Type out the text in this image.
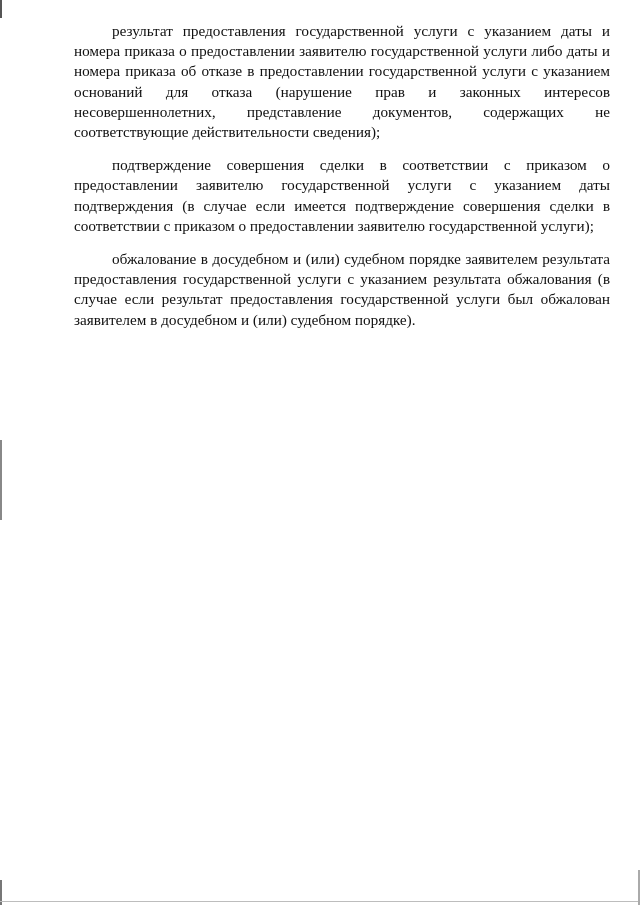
результат предоставления государственной услуги с указанием даты и номера приказа о предоставлении заявителю государственной услуги либо даты и номера приказа об отказе в предоставлении государственной услуги с указанием оснований для отказа (нарушение прав и законных интересов несовершеннолетних, представление документов, содержащих не соответствующие действительности сведения);

подтверждение совершения сделки в соответствии с приказом о предоставлении заявителю государственной услуги с указанием даты подтверждения (в случае если имеется подтверждение совершения сделки в соответствии с приказом о предоставлении заявителю государственной услуги);

обжалование в досудебном и (или) судебном порядке заявителем результата предоставления государственной услуги с указанием результата обжалования (в случае если результат предоставления государственной услуги был обжалован заявителем в досудебном и (или) судебном порядке).
